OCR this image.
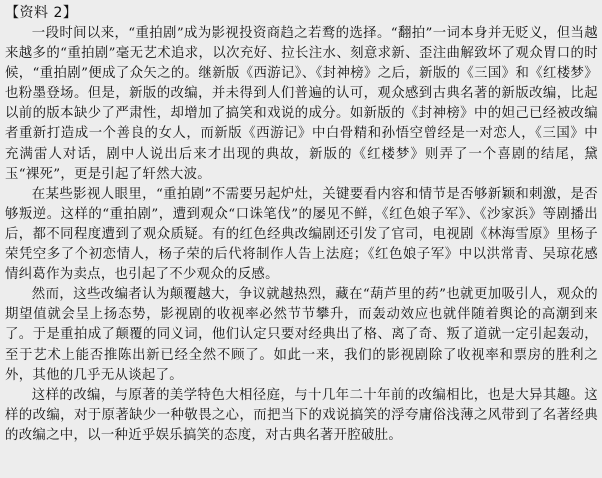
【资料 2】

一段时间以来，“重拍剧”成为影视投资商趋之若鹜的选择。“翻拍”一词本身并无贬义，但当越来越多的“重拍剧”毫无艺术追求，以次充好、拉长注水、刻意求新、歪注曲解致坏了观众胃口的时候，“重拍剧”便成了众矢之的。继新版《西游记》、《封神榜》之后，新版的《三国》和《红楼梦》也粉墨登场。但是，新版的改编，并未得到人们普遍的认可，观众感到古典名著的新版改编，比起以前的版本缺少了严肃性，却增加了搞笑和戏说的成分。如新版的《封神榜》中的妲己已经被改编者重新打造成一个善良的女人，而新版《西游记》中白骨精和孙悟空曾经是一对恋人，《三国》中充满雷人对话，剧中人说出后来才出现的典故，新版的《红楼梦》则弄了一个喜剧的结尾，黛玉“裸死”，更是引起了轩然大波。

在某些影视人眼里，“重拍剧”不需要另起炉灶，关键要看内容和情节是否够新颖和刺激，是否够叛逆。这样的“重拍剧”，遭到观众“口诛笔伐”的屡见不鲜，《红色娘子军》、《沙家浜》等剧播出后，都不同程度遭到了观众质疑。有的红色经典改编剧还引发了官司，电视剧《林海雪原》里杨子荣凭空多了个初恋情人，杨子荣的后代将制作人告上法庭；《红色娘子军》中以洪常青、吴琼花感情纠葛作为卖点，也引起了不少观众的反感。

然而，这些改编者认为颠覆越大，争议就越热烈，藏在“葫芦里的药”也就更加吸引人，观众的期望值就会呈上扬态势，影视剧的收视率必然节节攀升，而轰动效应也就伴随着舆论的高潮到来了。于是重拍成了颠覆的同义词，他们认定只要对经典出了格、离了奇、叛了道就一定引起轰动，至于艺术上能否推陈出新已经全然不顾了。如此一来，我们的影视剧除了收视率和票房的胜利之外，其他的几乎无从谈起了。

这样的改编，与原著的美学特色大相径庭，与十几年二十年前的改编相比，也是大异其趣。这样的改编，对于原著缺少一种敬畏之心，而把当下的戏说搞笑的浮夸庸俗浅薄之风带到了名著经典的改编之中，以一种近乎娱乐搞笑的态度，对古典名著开腔破肚。
